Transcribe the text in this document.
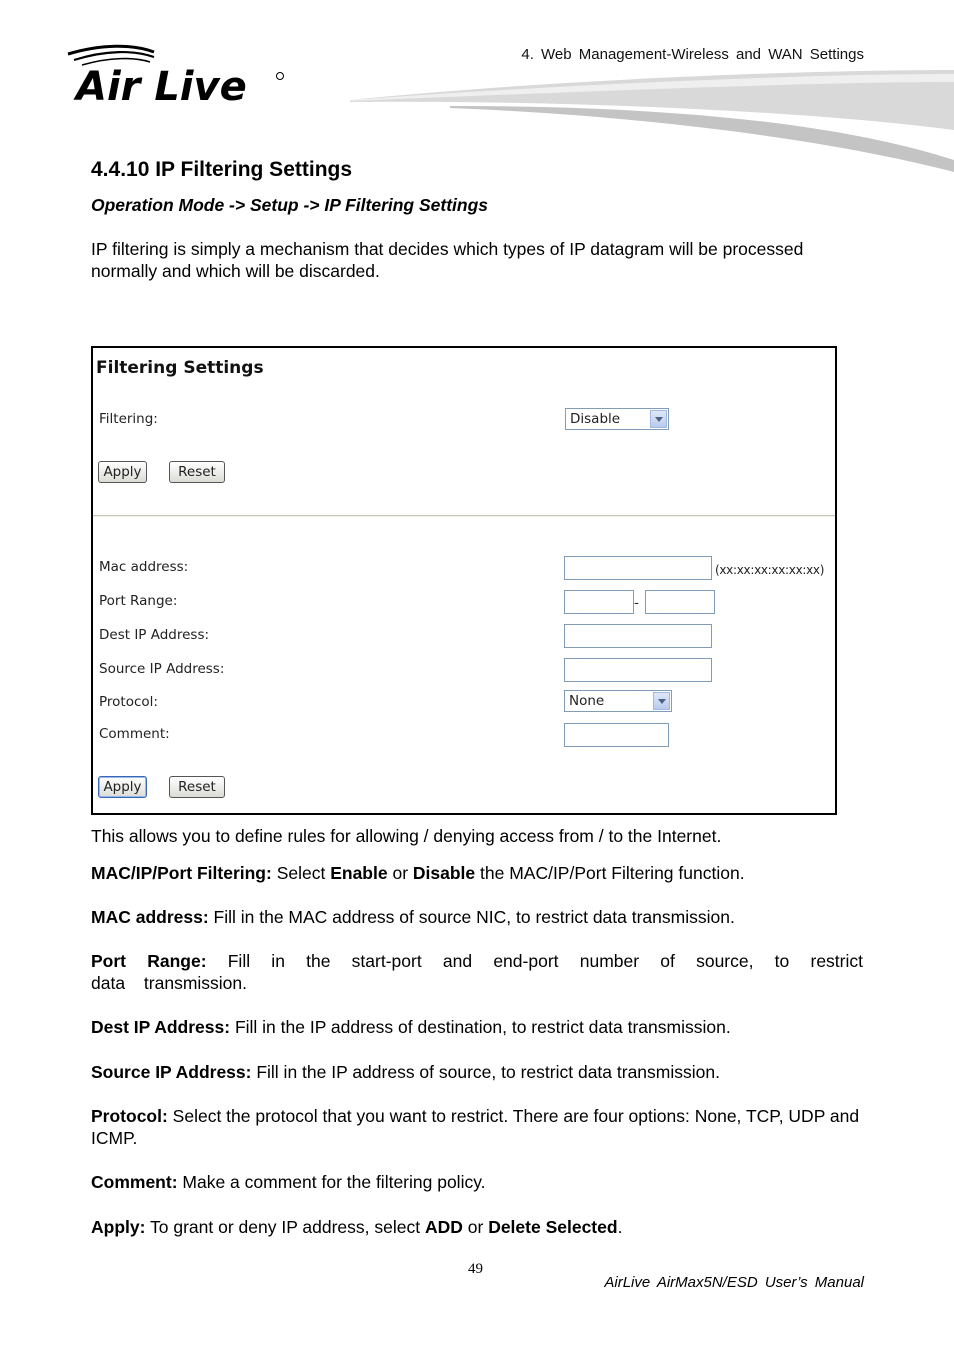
Air Live
4. Web Management-Wireless and WAN Settings
4.4.10 IP Filtering Settings
Operation Mode -> Setup -> IP Filtering Settings
IP filtering is simply a mechanism that decides which types of IP datagram will be processed normally and which will be discarded.
Filtering Settings
Filtering:	Disable
Apply	Reset
Mac address:	(xx:xx:xx:xx:xx:xx)
Port Range:	-
Dest IP Address:
Source IP Address:
Protocol:	None
Comment:
Apply	Reset
This allows you to define rules for allowing / denying access from / to the Internet.
MAC/IP/Port Filtering: Select Enable or Disable the MAC/IP/Port Filtering function.
MAC address: Fill in the MAC address of source NIC, to restrict data transmission.
Port Range: Fill in the start-port and end-port number of source, to restrict data transmission.
Dest IP Address: Fill in the IP address of destination, to restrict data transmission.
Source IP Address: Fill in the IP address of source, to restrict data transmission.
Protocol: Select the protocol that you want to restrict. There are four options: None, TCP, UDP and ICMP.
Comment: Make a comment for the filtering policy.
Apply: To grant or deny IP address, select ADD or Delete Selected.
49
AirLive AirMax5N/ESD User’s Manual
